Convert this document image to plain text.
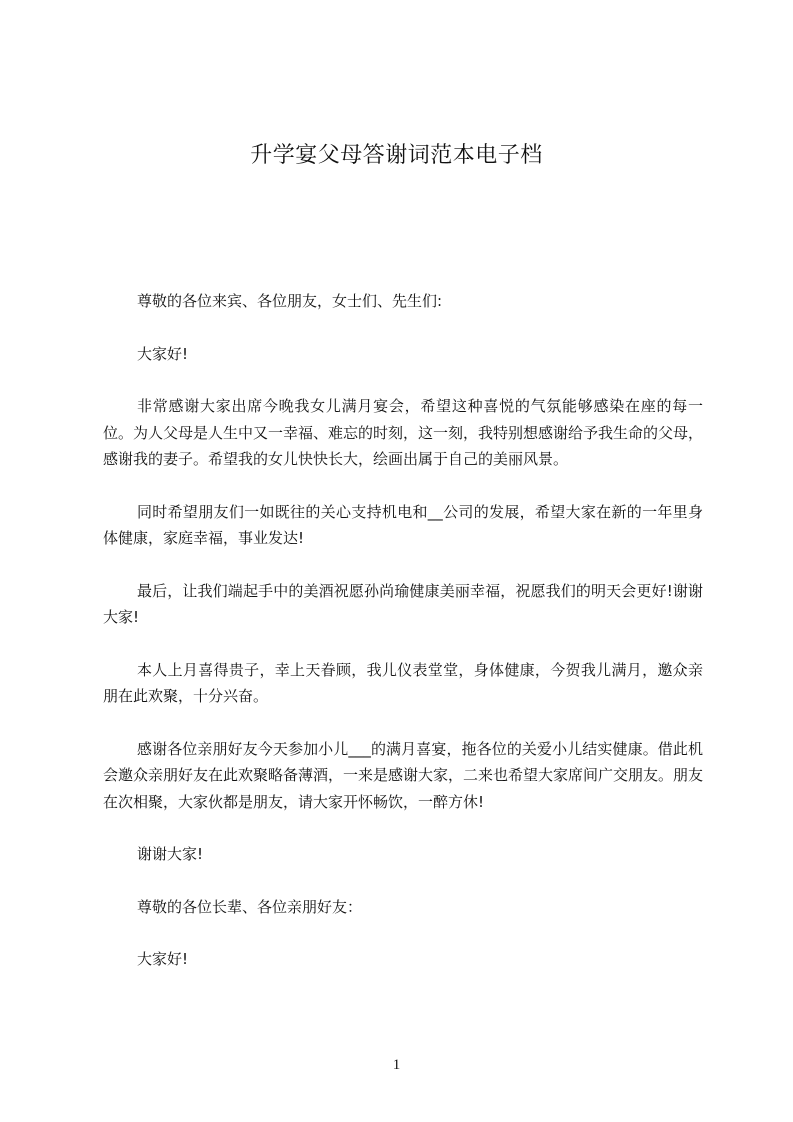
升学宴父母答谢词范本电子档

尊敬的各位来宾、各位朋友，女士们、先生们:

大家好!

非常感谢大家出席今晚我女儿满月宴会，希望这种喜悦的气氛能够感染在座的每一位。为人父母是人生中又一幸福、难忘的时刻，这一刻，我特别想感谢给予我生命的父母，感谢我的妻子。希望我的女儿快快长大，绘画出属于自己的美丽风景。

同时希望朋友们一如既往的关心支持机电和__公司的发展，希望大家在新的一年里身体健康，家庭幸福，事业发达!

最后，让我们端起手中的美酒祝愿孙尚瑜健康美丽幸福，祝愿我们的明天会更好!谢谢大家!

本人上月喜得贵子，幸上天眷顾，我儿仪表堂堂，身体健康，今贺我儿满月，邀众亲朋在此欢聚，十分兴奋。

感谢各位亲朋好友今天参加小儿___的满月喜宴，拖各位的关爱小儿结实健康。借此机会邀众亲朋好友在此欢聚略备薄酒，一来是感谢大家，二来也希望大家席间广交朋友。朋友在次相聚，大家伙都是朋友，请大家开怀畅饮，一醉方休!

谢谢大家!

尊敬的各位长辈、各位亲朋好友：

大家好!

1
